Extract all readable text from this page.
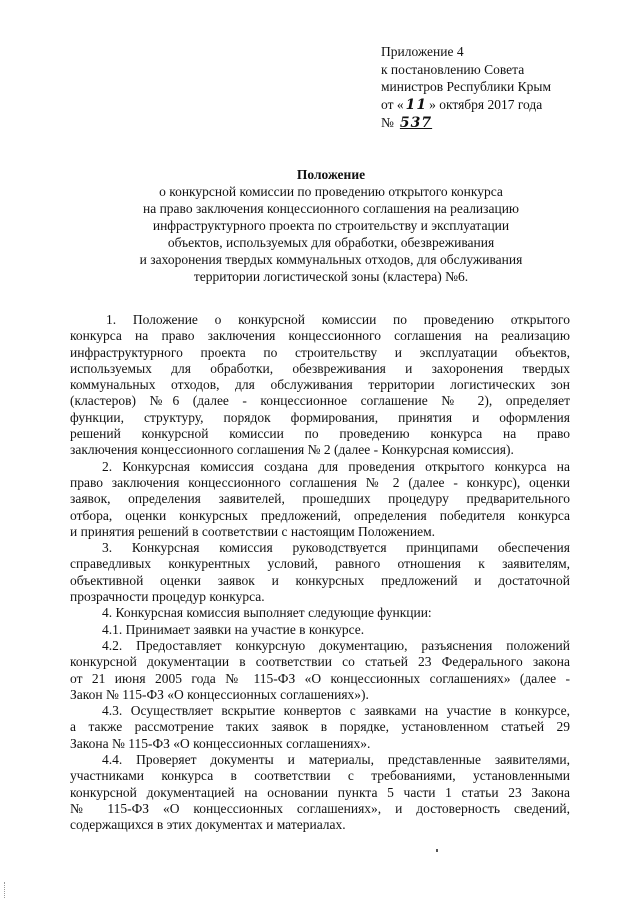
Приложение 4
к постановлению Совета
министров Республики Крым
от « 11 » октября 2017 года
№ 537
Положение
о конкурсной комиссии по проведению открытого конкурса
на право заключения концессионного соглашения на реализацию
инфраструктурного проекта по строительству и эксплуатации
объектов, используемых для обработки, обезвреживания
и захоронения твердых коммунальных отходов, для обслуживания
территории логистической зоны (кластера) №6.
1. Положение о конкурсной комиссии по проведению открытого
конкурса на право заключения концессионного соглашения на реализацию
инфраструктурного проекта по строительству и эксплуатации объектов,
используемых для обработки, обезвреживания и захоронения твердых
коммунальных отходов, для обслуживания территории логистических зон
(кластеров) №6 (далее - концессионное соглашение № 2), определяет
функции, структуру, порядок формирования, принятия и оформления
решений конкурсной комиссии по проведению конкурса на право
заключения концессионного соглашения № 2 (далее - Конкурсная комиссия).
2. Конкурсная комиссия создана для проведения открытого конкурса на
право заключения концессионного соглашения № 2 (далее - конкурс), оценки
заявок, определения заявителей, прошедших процедуру предварительного
отбора, оценки конкурсных предложений, определения победителя конкурса
и принятия решений в соответствии с настоящим Положением.
3. Конкурсная комиссия руководствуется принципами обеспечения
справедливых конкурентных условий, равного отношения к заявителям,
объективной оценки заявок и конкурсных предложений и достаточной
прозрачности процедур конкурса.
4. Конкурсная комиссия выполняет следующие функции:
4.1. Принимает заявки на участие в конкурсе.
4.2. Предоставляет конкурсную документацию, разъяснения положений
конкурсной документации в соответствии со статьей 23 Федерального закона
от 21 июня 2005 года № 115-ФЗ «О концессионных соглашениях» (далее -
Закон № 115-ФЗ «О концессионных соглашениях»).
4.3. Осуществляет вскрытие конвертов с заявками на участие в конкурсе,
а также рассмотрение таких заявок в порядке, установленном статьей 29
Закона № 115-ФЗ «О концессионных соглашениях».
4.4. Проверяет документы и материалы, представленные заявителями,
участниками конкурса в соответствии с требованиями, установленными
конкурсной документацией на основании пункта 5 части 1 статьи 23 Закона
№ 115-ФЗ «О концессионных соглашениях», и достоверность сведений,
содержащихся в этих документах и материалах.
